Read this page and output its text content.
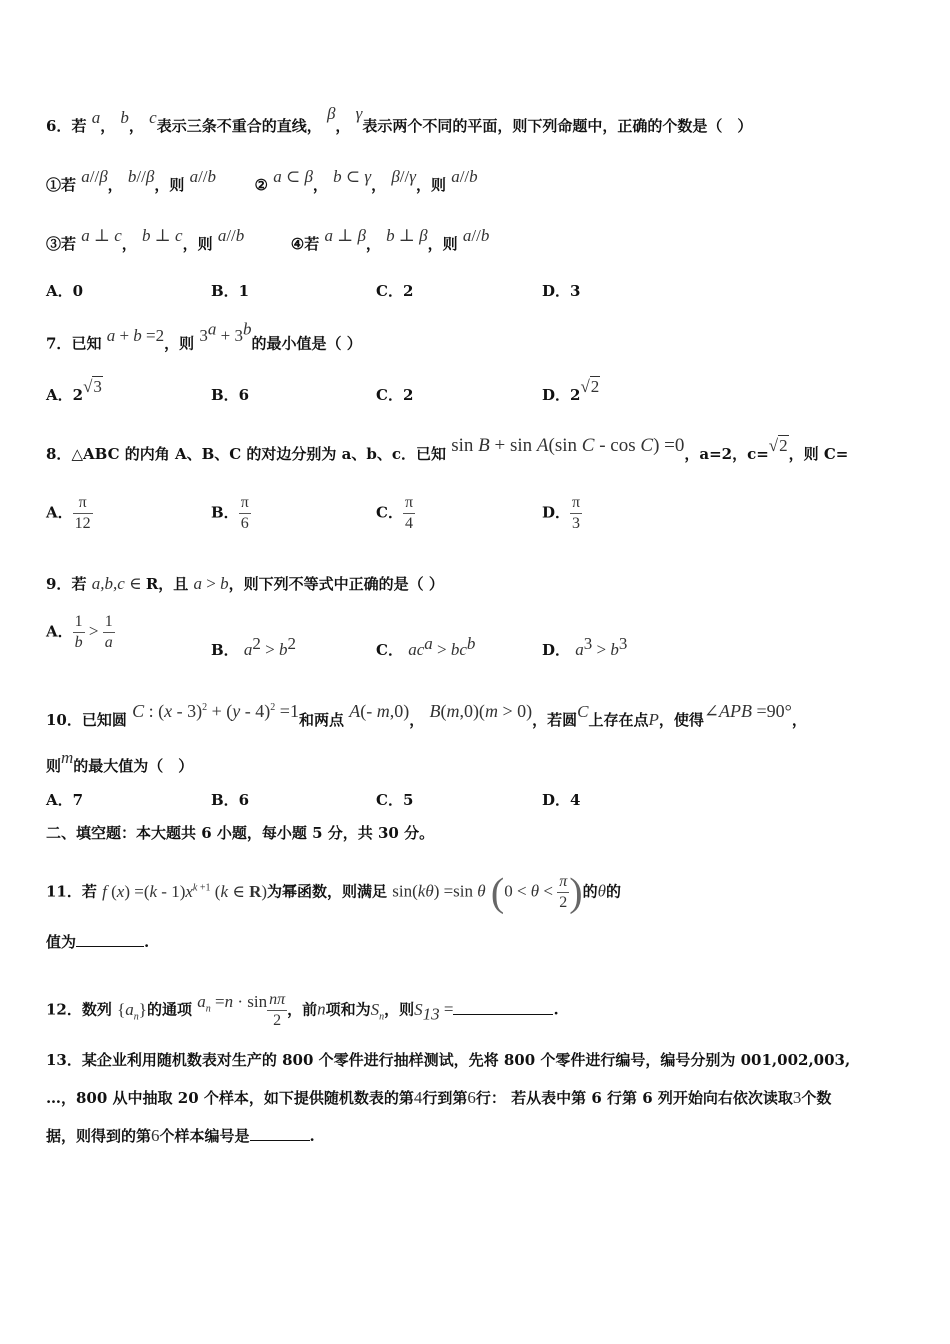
6．若 a， b， c表示三条不重合的直线， β， γ表示两个不同的平面，则下列命题中，正确的个数是（　）
①若 a//β， b//β，则 a//b	② a ⊂ β， b ⊂ γ， β//γ，则 a//b
③若 a ⊥ c， b ⊥ c，则 a//b	④若 a ⊥ β， b ⊥ β，则 a//b
A．0	B．1	C．2	D．3
7．已知 a + b =2，则 $3^a + 3^b$的最小值是（ ）
A．2√3	B．6	C．2	D．2√2
8．△ABC 的内角 A、B、C 的对边分别为 a、b、c．已知 sin B + sin A(sin C - cos C) =0，a=2，c=√2，则 C=
A． $\frac{\pi}{12}$	B． $\frac{\pi}{6}$	C． $\frac{\pi}{4}$	D． $\frac{\pi}{3}$
9．若 a,b,c ∈ R，且 a > b，则下列不等式中正确的是（ ）
A． $\frac{1}{b} > \frac{1}{a}$	B． $a^2 > b^2$	C． $ac^a > bc^b$	D． $a^3 > b^3$
10．已知圆 C : (x - 3)$^2$ + (y - 4)$^2$ =1和两点 A(- m,0)， B(m,0)(m > 0)，若圆C上存在点P，使得∠APB =90°，
则m的最大值为（　）
A．7	B．6	C．5	D．4
二、填空题：本大题共 6 小题，每小题 5 分，共 30 分。
11．若 f $(x) =(k - 1)x^{k +1}$ (k ∈ R)为幂函数，则满足 sin(kθ) =sin θ ($0 < \theta < \frac{\pi}{2}$ )的θ的
值为	.
12．数列 $\{a_n\}$的通项 $a_n =n \cdot \sin \frac{n\pi}{2}$ ，前n项和为$S_n$，则$S_{13}$ =	.
13．某企业利用随机数表对生产的 800 个零件进行抽样测试，先将 800 个零件进行编号，编号分别为 001,002,003,
…，800 从中抽取 20 个样本，如下提供随机数表的第4行到第6行： 若从表中第 6 行第 6 列开始向右依次读取3个数
据，则得到的第6个样本编号是	.
